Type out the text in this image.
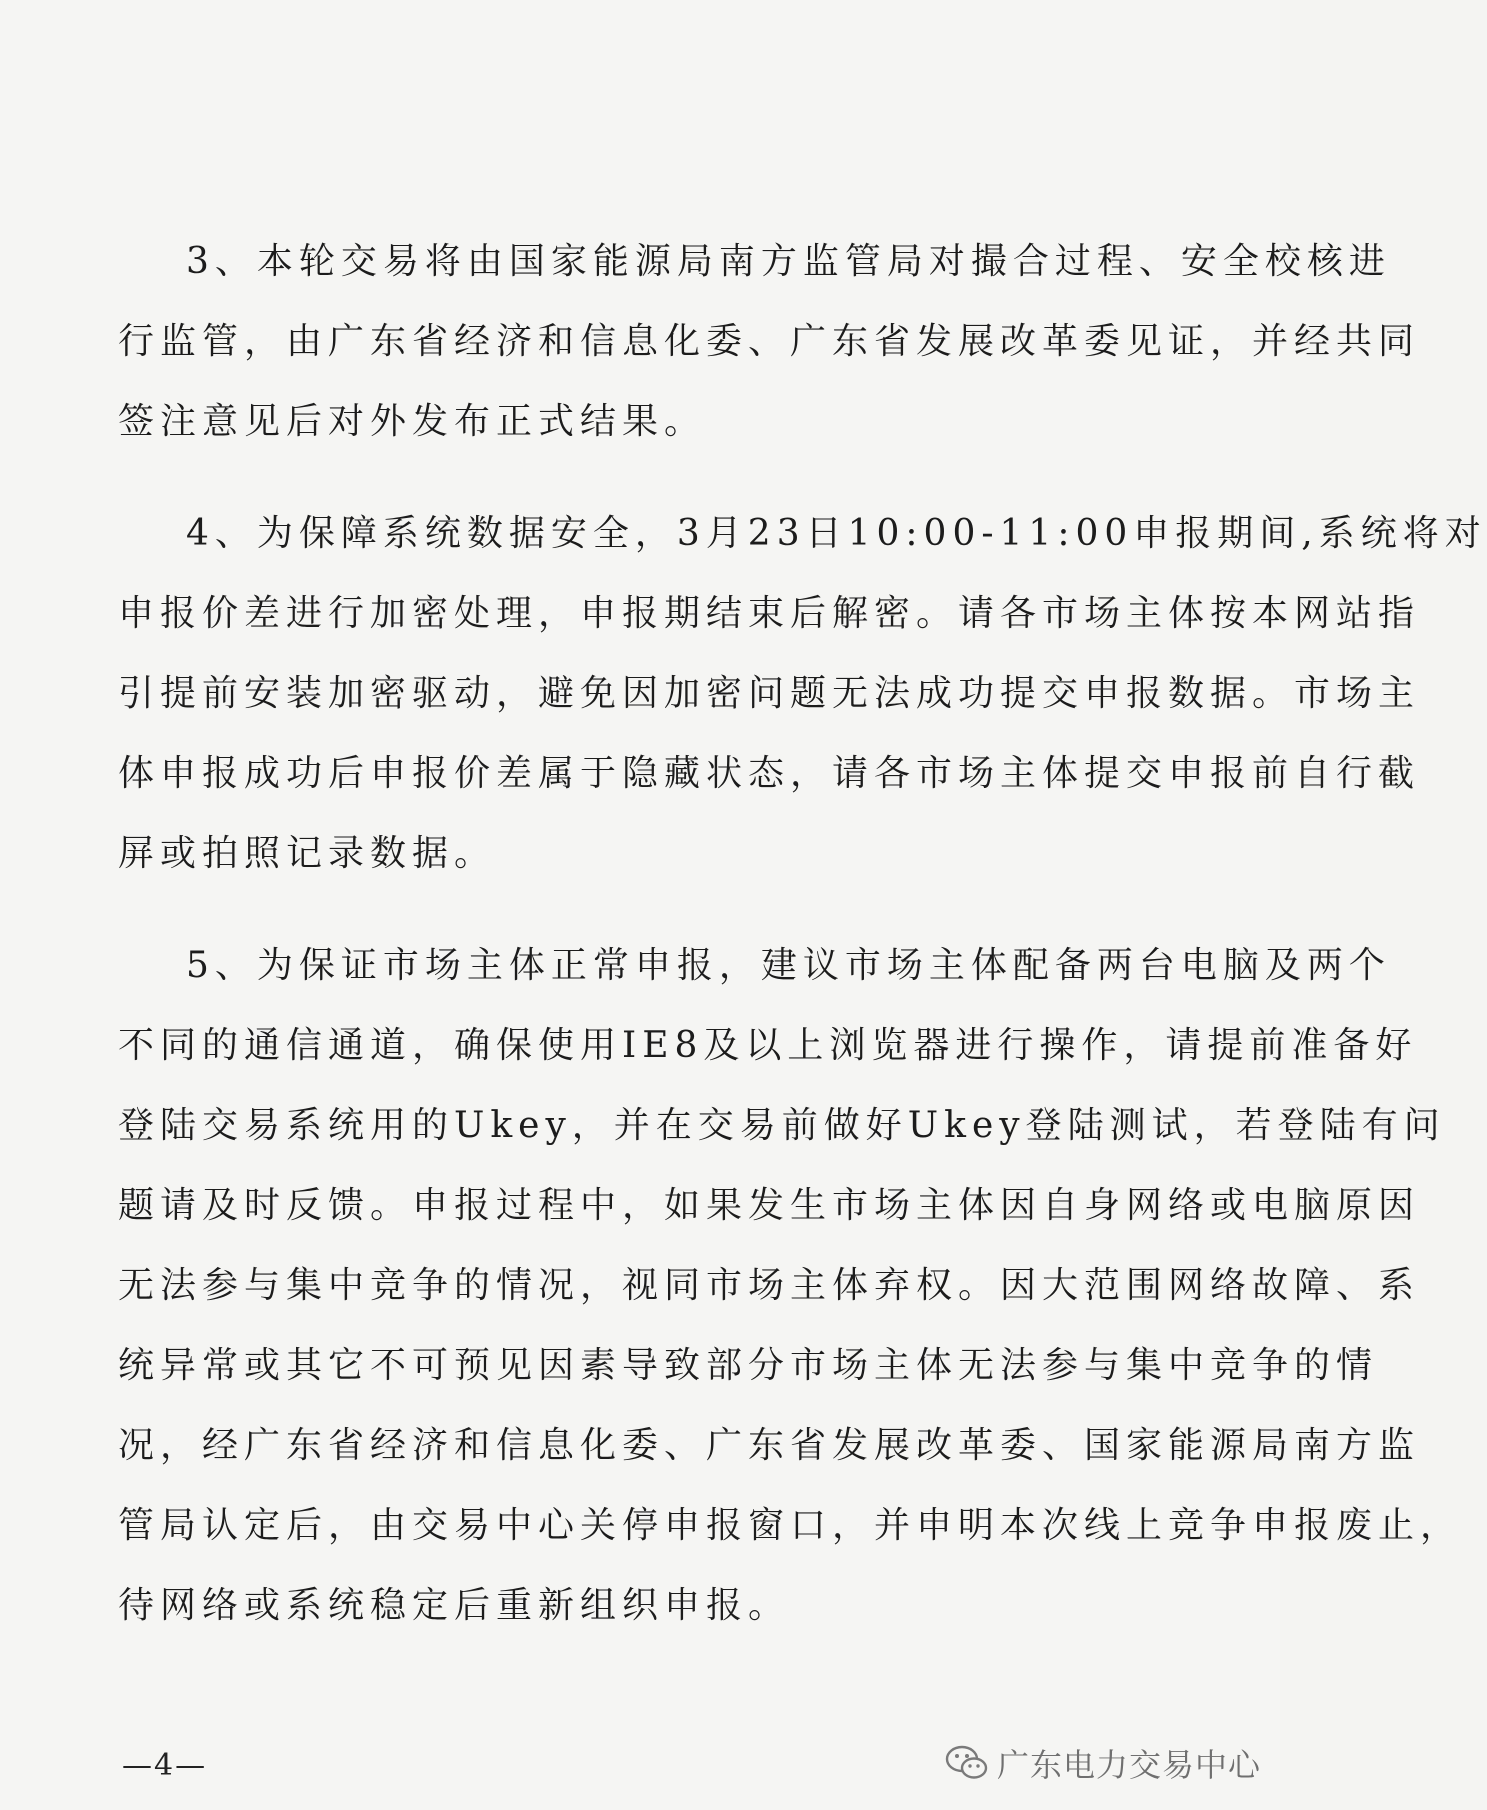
3、本轮交易将由国家能源局南方监管局对撮合过程、安全校核进
行监管，由广东省经济和信息化委、广东省发展改革委见证，并经共同
签注意见后对外发布正式结果。
4、为保障系统数据安全，3月23日10:00-11:00申报期间,系统将对
申报价差进行加密处理，申报期结束后解密。请各市场主体按本网站指
引提前安装加密驱动，避免因加密问题无法成功提交申报数据。市场主
体申报成功后申报价差属于隐藏状态，请各市场主体提交申报前自行截
屏或拍照记录数据。
5、为保证市场主体正常申报，建议市场主体配备两台电脑及两个
不同的通信通道，确保使用IE8及以上浏览器进行操作，请提前准备好
登陆交易系统用的Ukey，并在交易前做好Ukey登陆测试，若登陆有问
题请及时反馈。申报过程中，如果发生市场主体因自身网络或电脑原因
无法参与集中竞争的情况，视同市场主体弃权。因大范围网络故障、系
统异常或其它不可预见因素导致部分市场主体无法参与集中竞争的情
况，经广东省经济和信息化委、广东省发展改革委、国家能源局南方监
管局认定后，由交易中心关停申报窗口，并申明本次线上竞争申报废止，
待网络或系统稳定后重新组织申报。
—4—	广东电力交易中心
